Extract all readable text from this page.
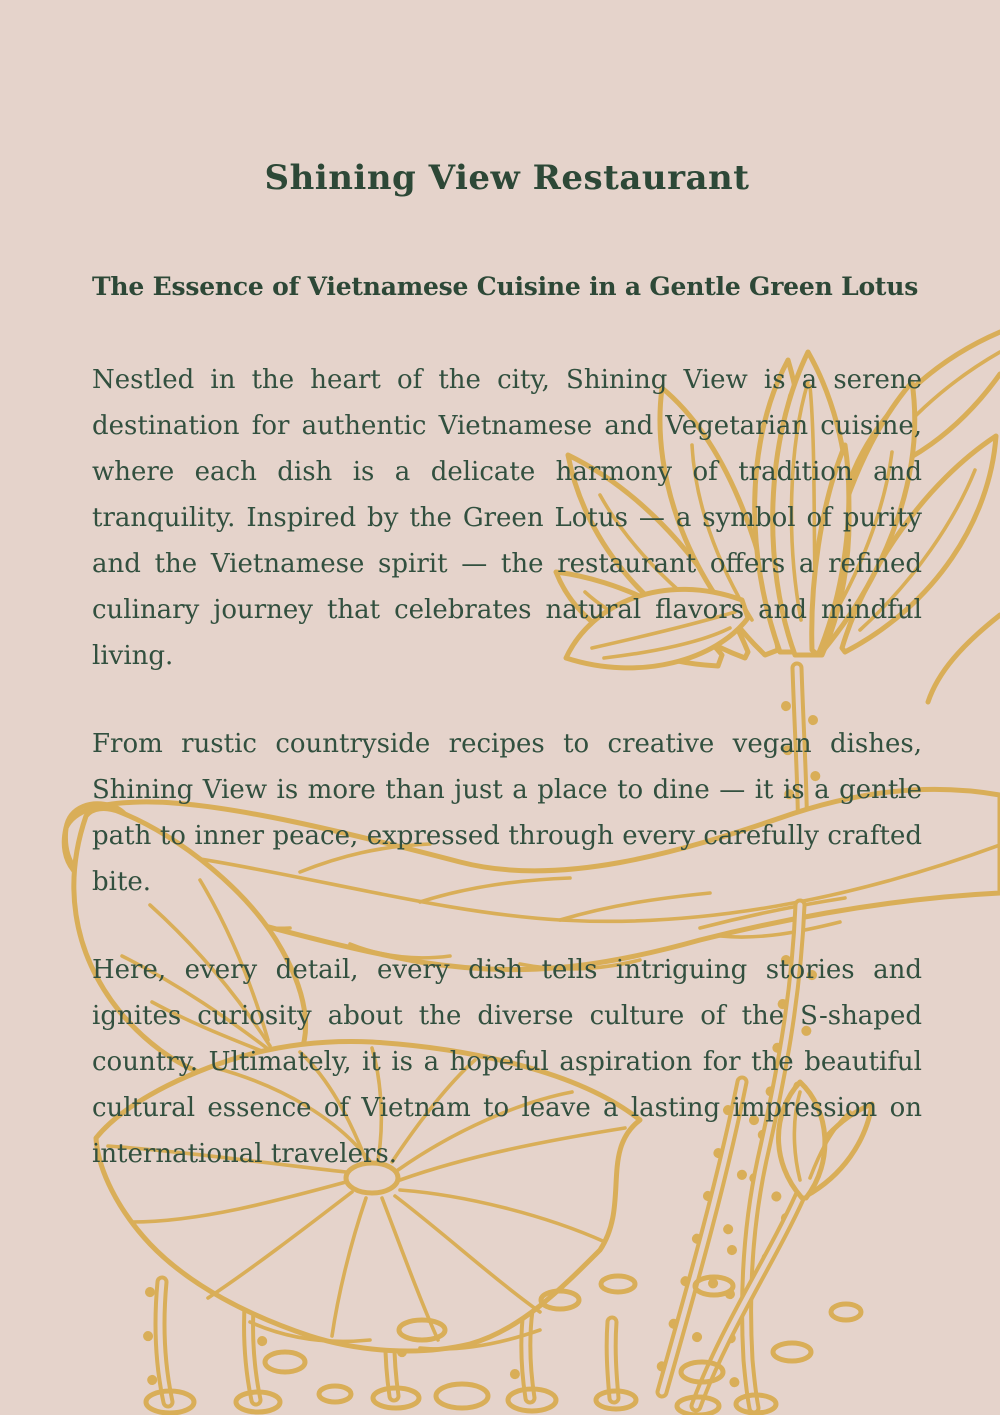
Shining View Restaurant
The Essence of Vietnamese Cuisine in a Gentle Green Lotus

Nestled in the heart of the city, Shining View is a serene destination for authentic Vietnamese and Vegetarian cuisine, where each dish is a delicate harmony of tradition and tranquility. Inspired by the Green Lotus — a symbol of purity and the Vietnamese spirit — the restaurant offers a refined culinary journey that celebrates natural flavors and mindful living.

From rustic countryside recipes to creative vegan dishes, Shining View is more than just a place to dine — it is a gentle path to inner peace, expressed through every carefully crafted bite.

Here, every detail, every dish tells intriguing stories and ignites curiosity about the diverse culture of the S-shaped country. Ultimately, it is a hopeful aspiration for the beautiful cultural essence of Vietnam to leave a lasting impression on international travelers.
